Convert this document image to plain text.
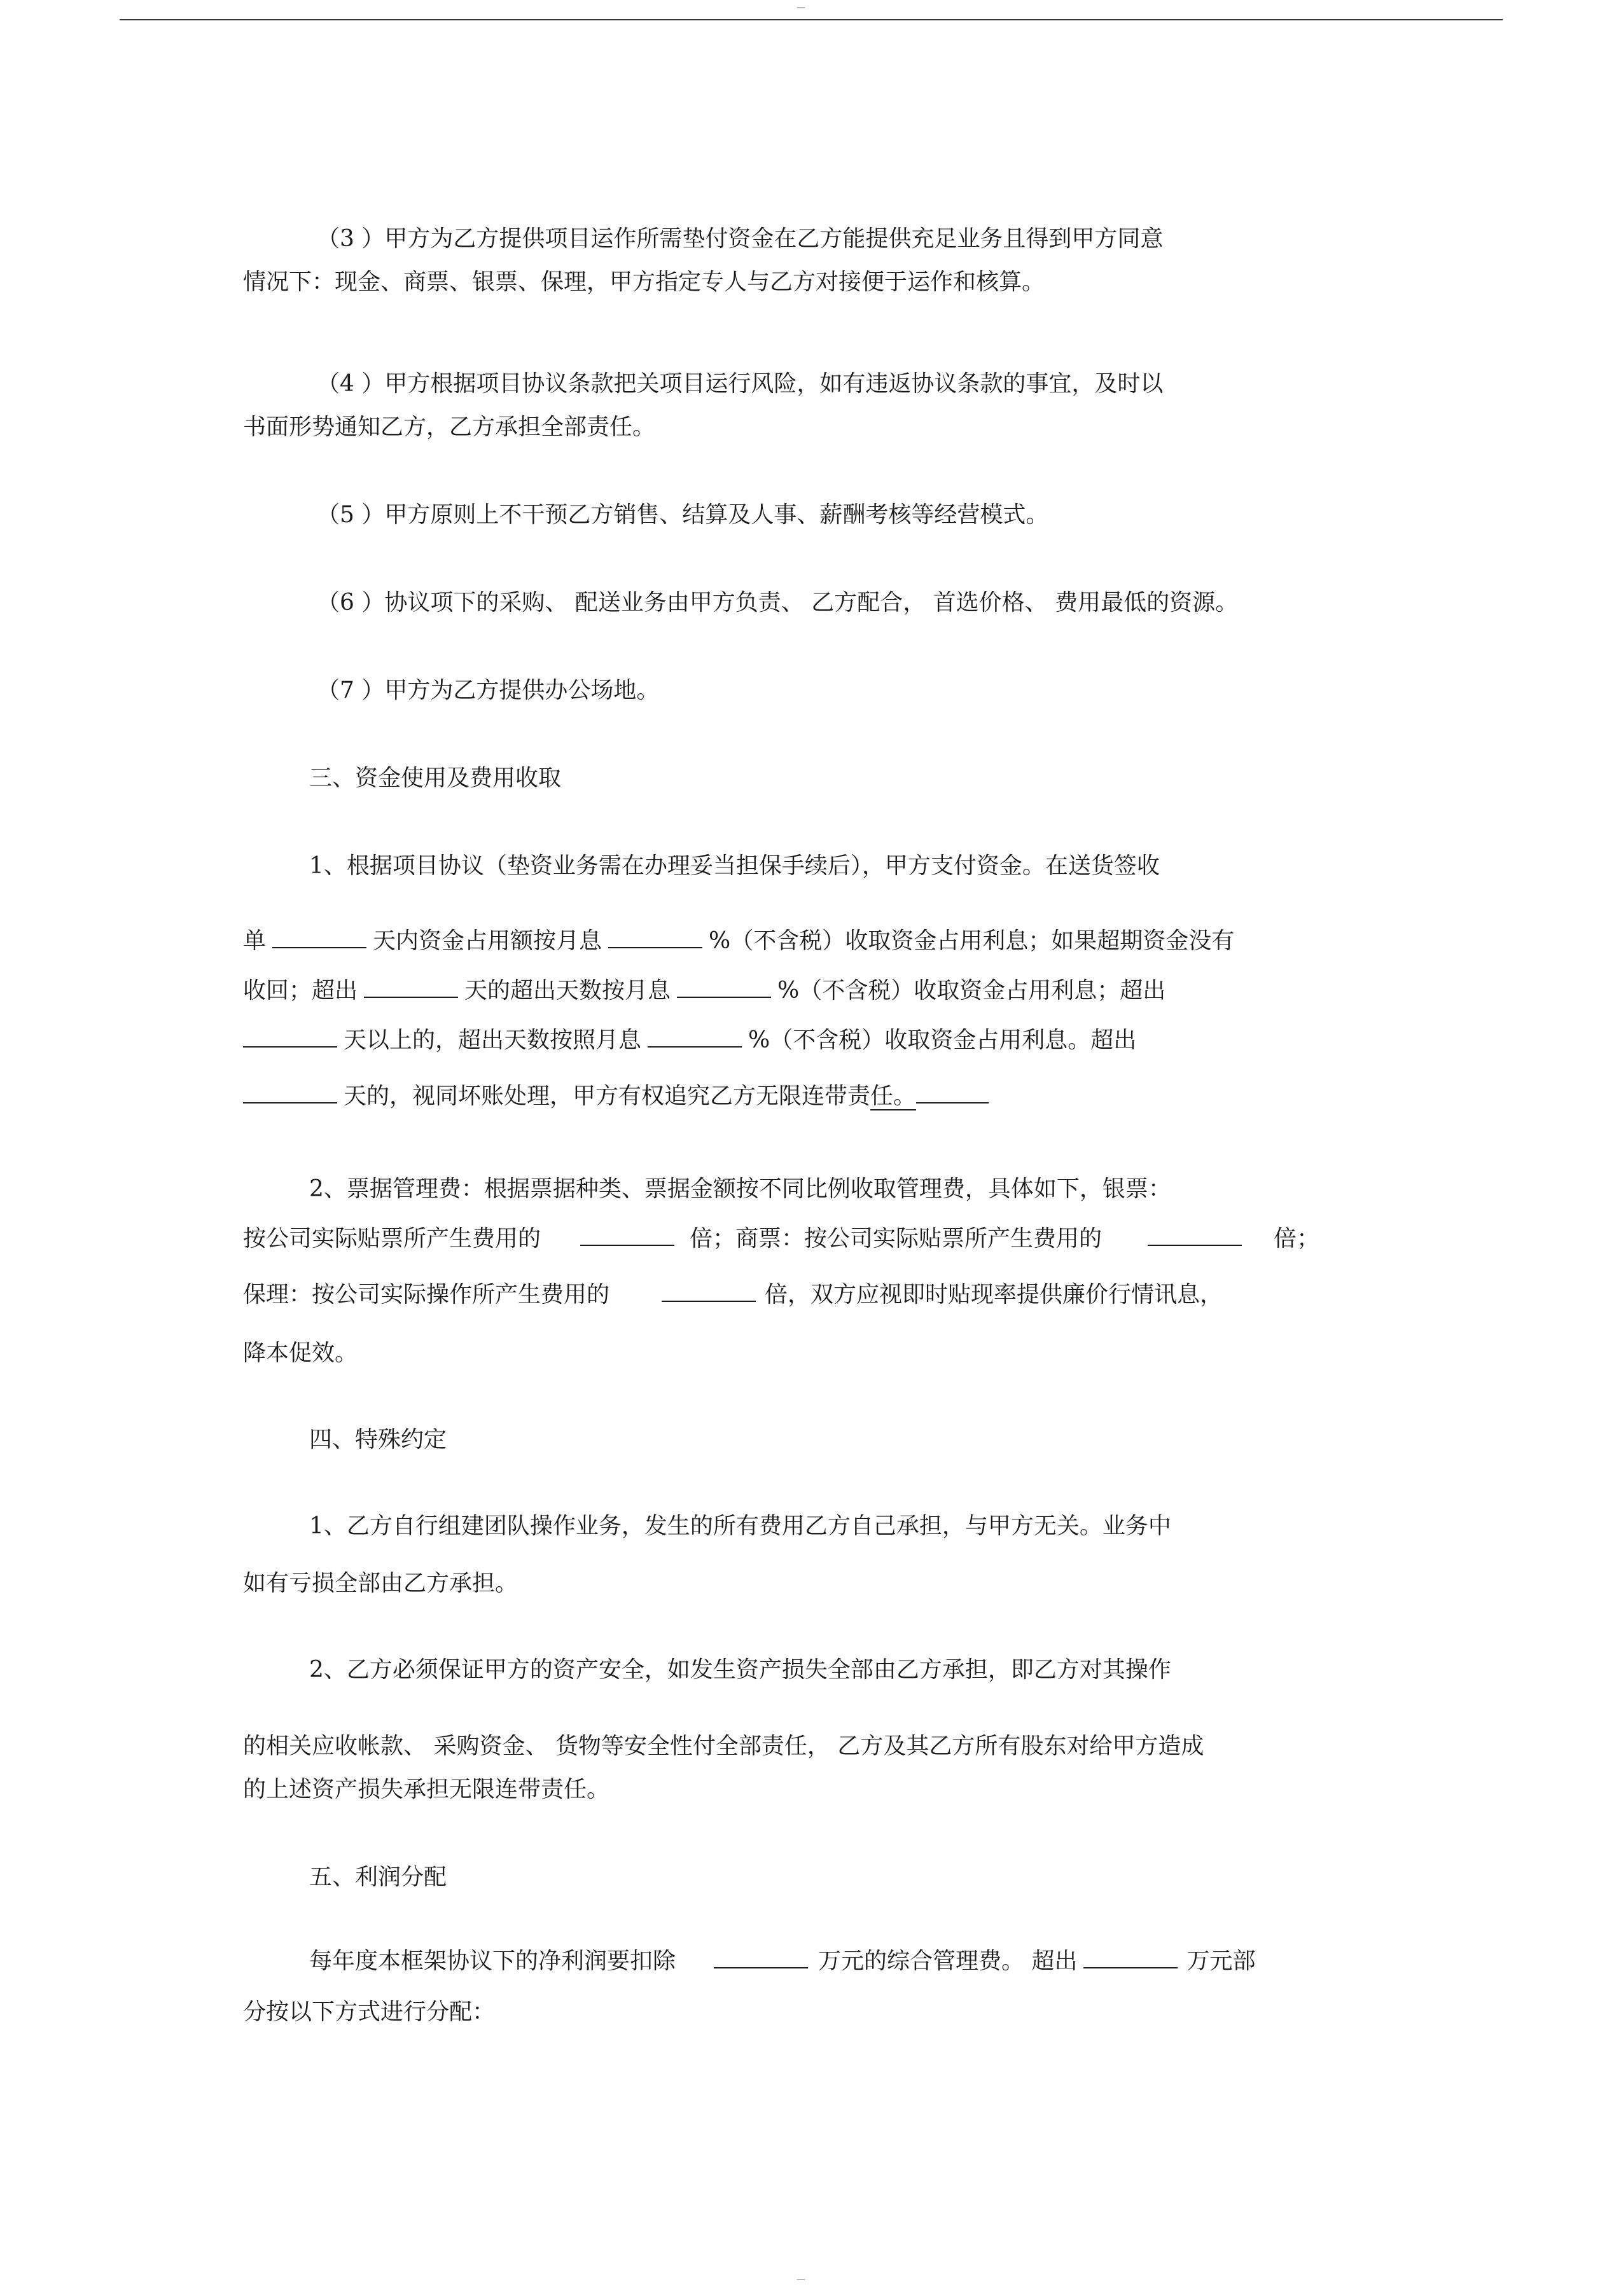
—
（3 ）甲方为乙方提供项目运作所需垫付资金在乙方能提供充足业务且得到甲方同意
情况下：现金、商票、银票、保理，甲方指定专人与乙方对接便于运作和核算。
（4 ）甲方根据项目协议条款把关项目运行风险，如有违返协议条款的事宜，及时以
书面形势通知乙方，乙方承担全部责任。
（5 ）甲方原则上不干预乙方销售、结算及人事、薪酬考核等经营模式。
（6 ）协议项下的采购、 配送业务由甲方负责、 乙方配合， 首选价格、 费用最低的资源。
（7 ）甲方为乙方提供办公场地。
三、资金使用及费用收取
1、根据项目协议（垫资业务需在办理妥当担保手续后），甲方支付资金。在送货签收
单	天内资金占用额按月息	%（不含税）收取资金占用利息；如果超期资金没有
收回；超出	天的超出天数按月息	%（不含税）收取资金占用利息；超出
天以上的，超出天数按照月息	%（不含税）收取资金占用利息。超出
天的，视同坏账处理，甲方有权追究乙方无限连带责任。
2、票据管理费：根据票据种类、票据金额按不同比例收取管理费，具体如下，银票：
按公司实际贴票所产生费用的	倍；商票：按公司实际贴票所产生费用的	倍；
保理：按公司实际操作所产生费用的	倍，双方应视即时贴现率提供廉价行情讯息，
降本促效。
四、特殊约定
1、乙方自行组建团队操作业务，发生的所有费用乙方自己承担，与甲方无关。业务中
如有亏损全部由乙方承担。
2、乙方必须保证甲方的资产安全，如发生资产损失全部由乙方承担，即乙方对其操作
的相关应收帐款、 采购资金、 货物等安全性付全部责任， 乙方及其乙方所有股东对给甲方造成
的上述资产损失承担无限连带责任。
五、利润分配
每年度本框架协议下的净利润要扣除	万元的综合管理费。 超出	万元部
分按以下方式进行分配：
—
